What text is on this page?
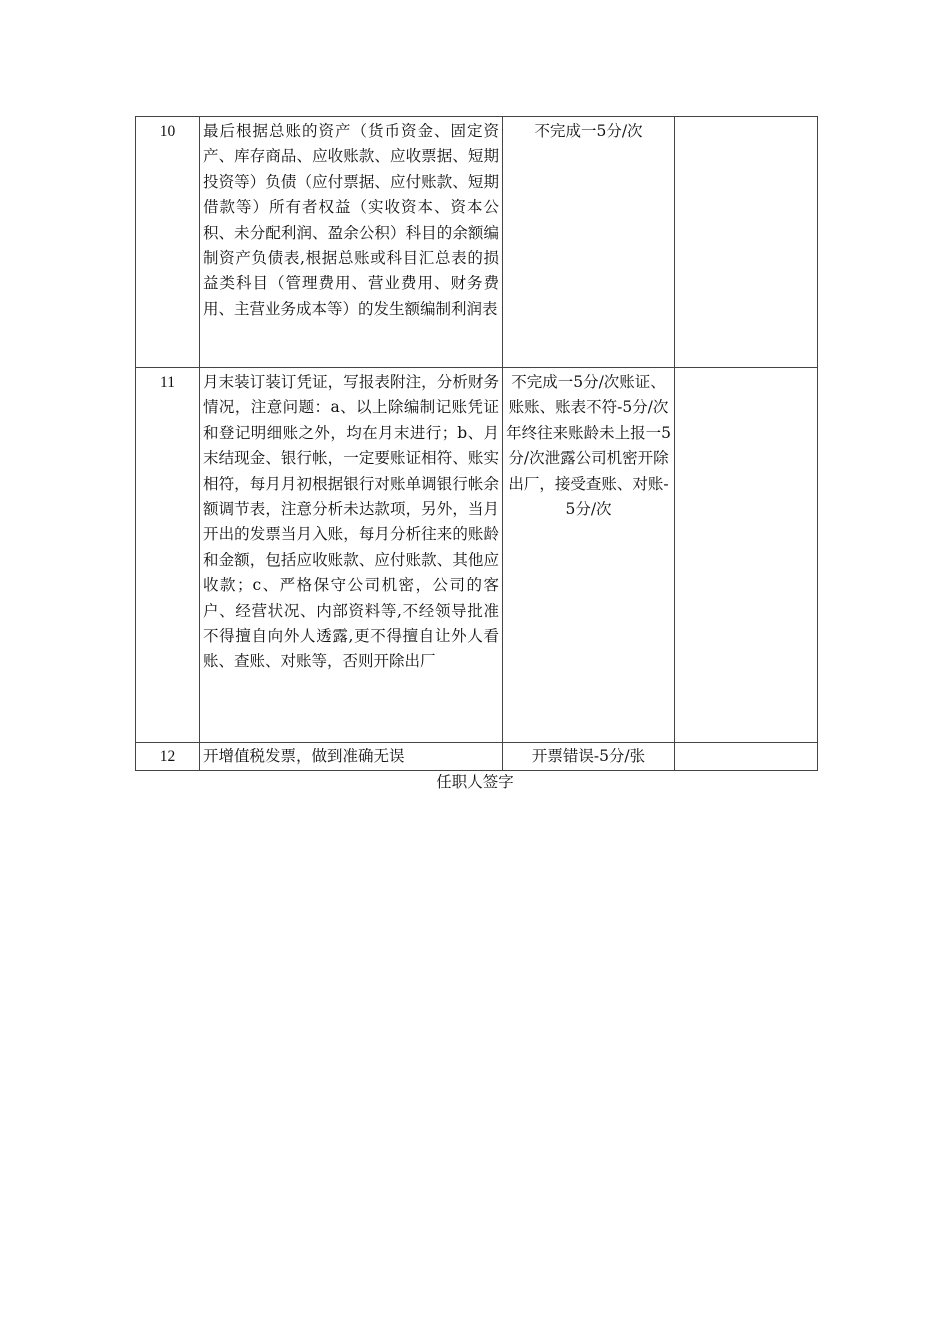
10	最后根据总账的资产（货币资金、固定资产、库存商品、应收账款、应收票据、短期投资等）负债（应付票据、应付账款、短期借款等）所有者权益（实收资本、资本公积、未分配利润、盈余公积）科目的余额编制资产负债表,根据总账或科目汇总表的损益类科目（管理费用、营业费用、财务费用、主营业务成本等）的发生额编制利润表	不完成一5分/次	
11	月末装订装订凭证，写报表附注，分析财务情况，注意问题：a、以上除编制记账凭证和登记明细账之外，均在月末进行；b、月末结现金、银行帐，一定要账证相符、账实相符，每月月初根据银行对账单调银行帐余额调节表，注意分析未达款项，另外，当月开出的发票当月入账，每月分析往来的账龄和金额，包括应收账款、应付账款、其他应收款；c、严格保守公司机密，公司的客户、经营状况、内部资料等,不经领导批准不得擅自向外人透露,更不得擅自让外人看账、查账、对账等，否则开除出厂	不完成一5分/次账证、账账、账表不符-5分/次年终往来账龄未上报一5分/次泄露公司机密开除出厂，接受查账、对账-5分/次	
12	开增值税发票，做到准确无误	开票错误-5分/张	
任职人签字
